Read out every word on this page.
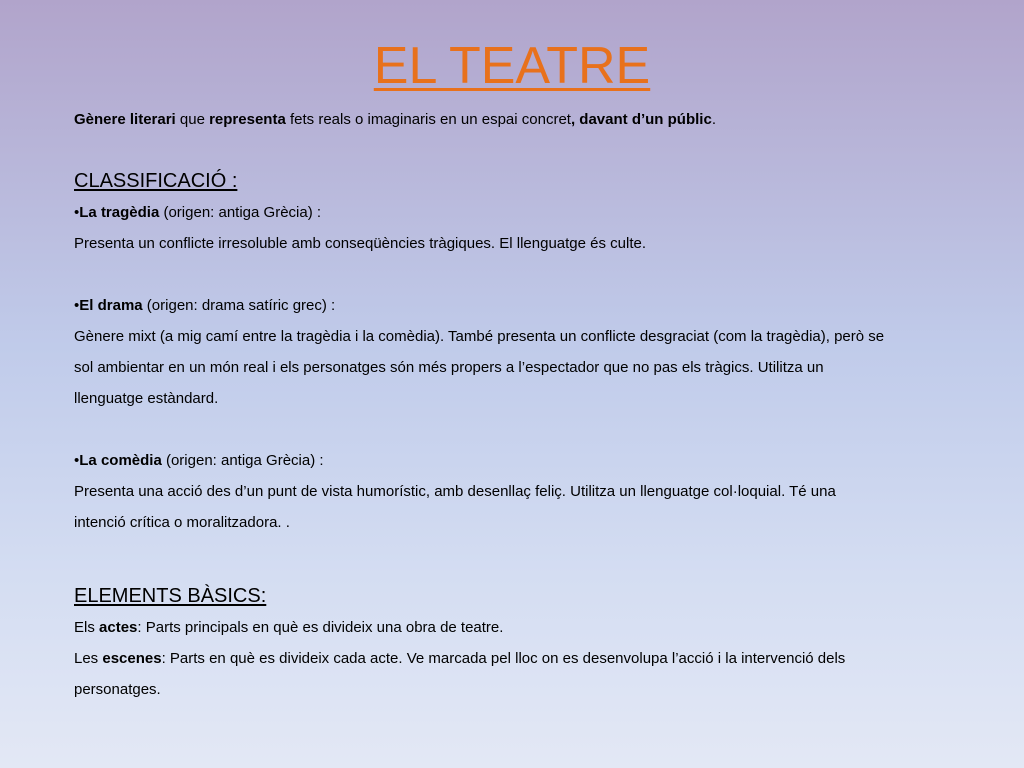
EL TEATRE
Gènere literari que representa fets reals o imaginaris en un espai concret, davant d’un públic.
CLASSIFICACIÓ :
•La tragèdia (origen: antiga Grècia) :
Presenta un conflicte irresoluble amb conseqüències tràgiques. El llenguatge és culte.
•El drama (origen: drama satíric grec) :
Gènere mixt (a mig camí entre la tragèdia i la comèdia). També presenta un conflicte desgraciat (com la tragèdia), però se
sol ambientar en un món real i els personatges són més propers a l’espectador que no pas els tràgics. Utilitza un
llenguatge estàndard.
•La comèdia (origen: antiga Grècia) :
Presenta una acció des d’un punt de vista humorístic, amb desenllaç feliç. Utilitza un llenguatge col·loquial. Té una
intenció crítica o moralitzadora. .
ELEMENTS BÀSICS:
Els actes: Parts principals en què es divideix una obra de teatre.
Les escenes: Parts en què es divideix cada acte. Ve marcada pel lloc on es desenvolupa l’acció i la intervenció dels
personatges.
